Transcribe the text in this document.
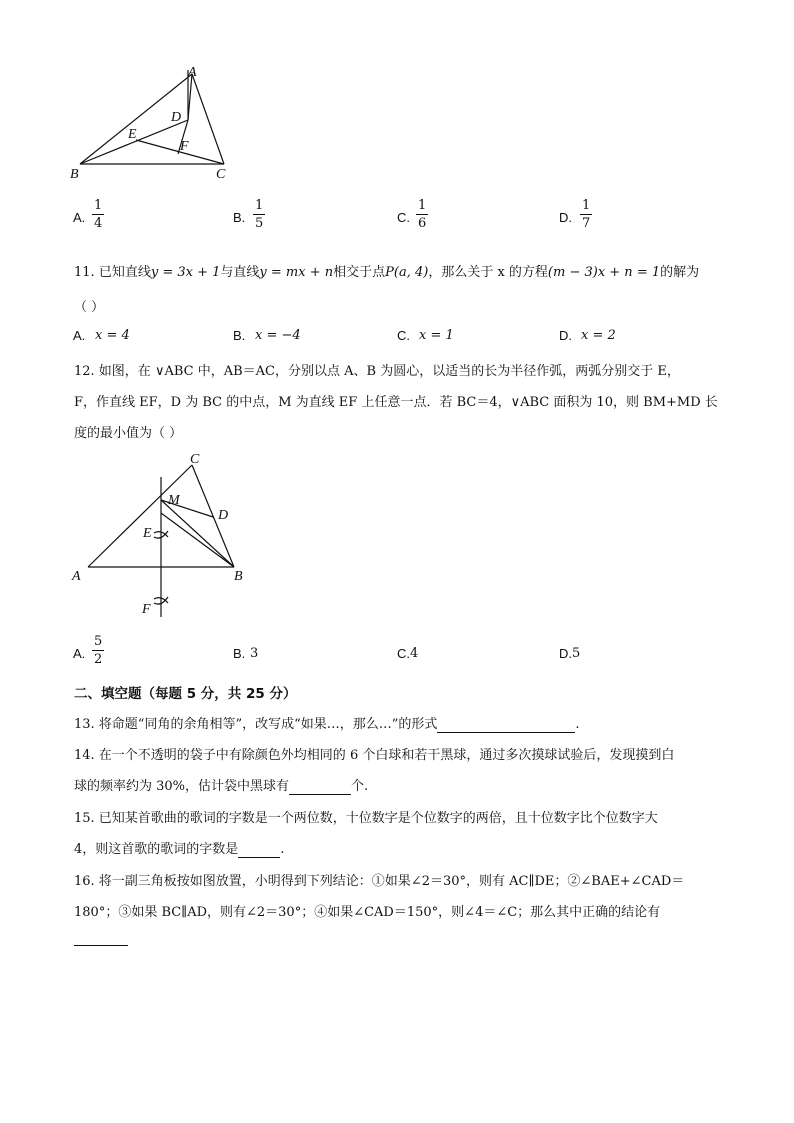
A
B	C
D
E
F
A.
1
4	B.
1
5	C.
1
6	D.
1
7
11. 已知直线y = 3x + 1与直线y = mx + n相交于点P(a, 4)，那么关于 x 的方程(m − 3)x + n = 1的解为
（ ）
A. x = 4	B. x = −4	C. x = 1	D. x = 2
12. 如图，在 ∨ABC 中，AB＝AC，分别以点 A、B 为圆心，以适当的长为半径作弧，两弧分别交于 E，
F，作直线 EF，D 为 BC 的中点，M 为直线 EF 上任意一点．若 BC＝4，∨ABC 面积为 10，则 BM+MD 长
度的最小值为（ ）
C
M
D
E
A	B
F
A.
5
2	B. 3	C. 4	D. 5
二、填空题（每题 5 分，共 25 分）
13. 将命题“同角的余角相等”，改写成“如果…，那么…”的形式	.
14. 在一个不透明的袋子中有除颜色外均相同的 6 个白球和若干黑球，通过多次摸球试验后，发现摸到白
球的频率约为 30%，估计袋中黑球有	个.
15. 已知某首歌曲的歌词的字数是一个两位数，十位数字是个位数字的两倍，且十位数字比个位数字大
4，则这首歌的歌词的字数是	.
16. 将一副三角板按如图放置，小明得到下列结论：①如果∠2＝30°，则有 AC∥DE；②∠BAE+∠CAD＝
180°；③如果 BC∥AD，则有∠2＝30°；④如果∠CAD＝150°，则∠4＝∠C；那么其中正确的结论有
